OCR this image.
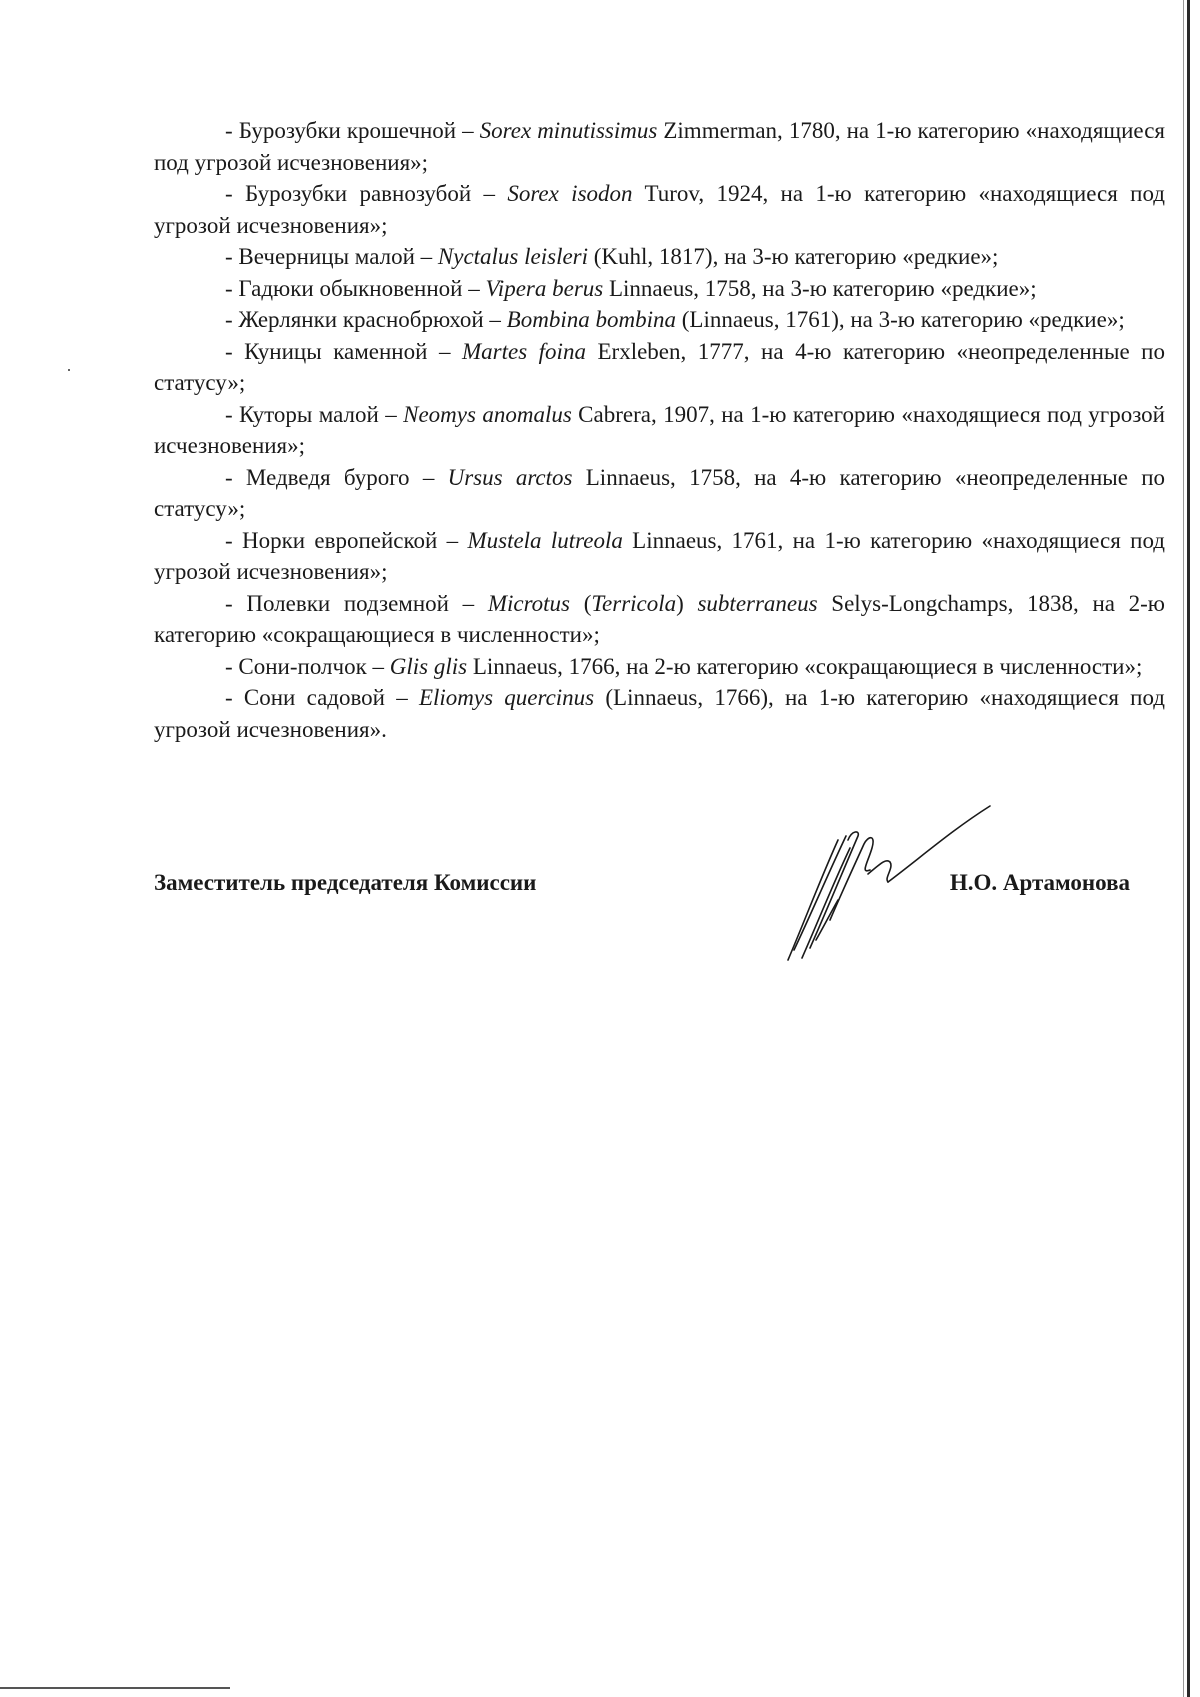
- Бурозубки крошечной – Sorex minutissimus Zimmerman, 1780, на 1-ю категорию «находящиеся под угрозой исчезновения»;

- Бурозубки равнозубой – Sorex isodon Turov, 1924, на 1-ю категорию «находящиеся под угрозой исчезновения»;

- Вечерницы малой – Nyctalus leisleri (Kuhl, 1817), на 3-ю категорию «редкие»;

- Гадюки обыкновенной – Vipera berus Linnaeus, 1758, на 3-ю категорию «редкие»;

- Жерлянки краснобрюхой – Bombina bombina (Linnaeus, 1761), на 3-ю категорию «редкие»;

- Куницы каменной – Martes foina Erxleben, 1777, на 4-ю категорию «неопределенные по статусу»;

- Куторы малой – Neomys anomalus Cabrera, 1907, на 1-ю категорию «находящиеся под угрозой исчезновения»;

- Медведя бурого – Ursus arctos Linnaeus, 1758, на 4-ю категорию «неопределенные по статусу»;

- Норки европейской – Mustela lutreola Linnaeus, 1761, на 1-ю категорию «находящиеся под угрозой исчезновения»;

- Полевки подземной – Microtus (Terricola) subterraneus Selys-Longchamps, 1838, на 2-ю категорию «сокращающиеся в численности»;

- Сони-полчок – Glis glis Linnaeus, 1766, на 2-ю категорию «сокращающиеся в численности»;

- Сони садовой – Eliomys quercinus (Linnaeus, 1766), на 1-ю категорию «находящиеся под угрозой исчезновения».

Заместитель председателя Комиссии	Н.О. Артамонова
